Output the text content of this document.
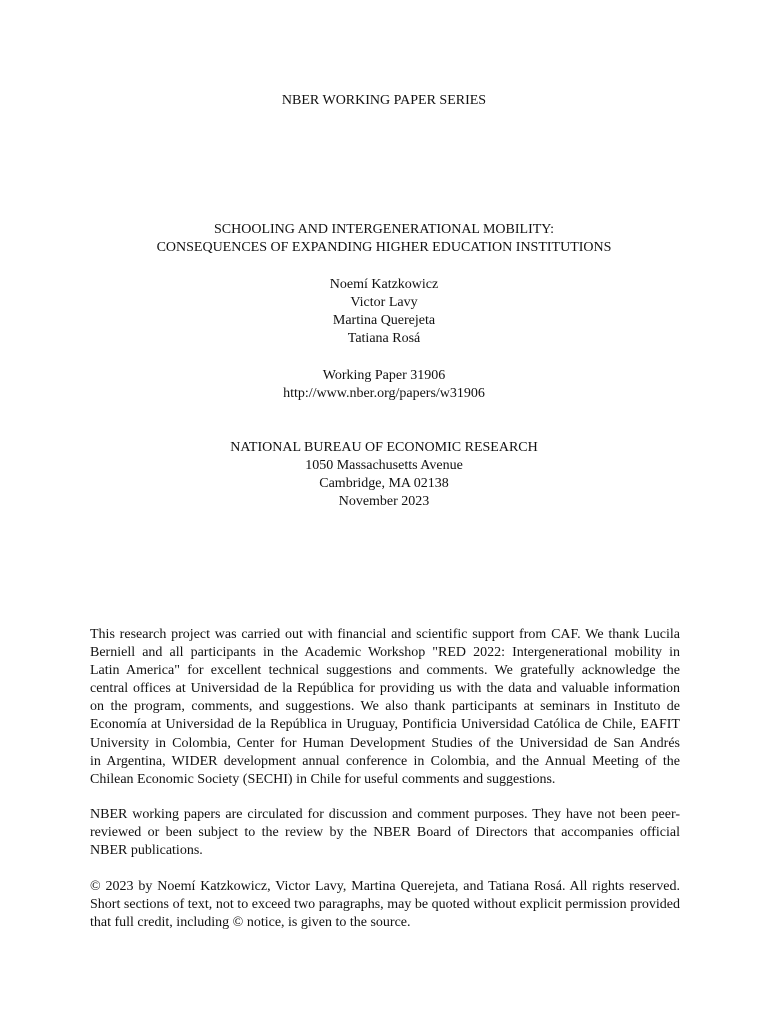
NBER WORKING PAPER SERIES
SCHOOLING AND INTERGENERATIONAL MOBILITY:
CONSEQUENCES OF EXPANDING HIGHER EDUCATION INSTITUTIONS
Noemí Katzkowicz
Victor Lavy
Martina Querejeta
Tatiana Rosá
Working Paper 31906
http://www.nber.org/papers/w31906
NATIONAL BUREAU OF ECONOMIC RESEARCH
1050 Massachusetts Avenue
Cambridge, MA 02138
November 2023

This research project was carried out with financial and scientific support from CAF. We thank Lucila
Berniell and all participants in the Academic Workshop "RED 2022: Intergenerational mobility in
Latin America" for excellent technical suggestions and comments. We gratefully acknowledge the
central offices at Universidad de la República for providing us with the data and valuable information
on the program, comments, and suggestions. We also thank participants at seminars in Instituto de
Economía at Universidad de la República in Uruguay, Pontificia Universidad Católica de Chile, EAFIT
University in Colombia, Center for Human Development Studies of the Universidad de San Andrés
in Argentina, WIDER development annual conference in Colombia, and the Annual Meeting of the
Chilean Economic Society (SECHI) in Chile for useful comments and suggestions.

NBER working papers are circulated for discussion and comment purposes. They have not been peer-
reviewed or been subject to the review by the NBER Board of Directors that accompanies official
NBER publications.

© 2023 by Noemí Katzkowicz, Victor Lavy, Martina Querejeta, and Tatiana Rosá. All rights reserved.
Short sections of text, not to exceed two paragraphs, may be quoted without explicit permission provided
that full credit, including © notice, is given to the source.
